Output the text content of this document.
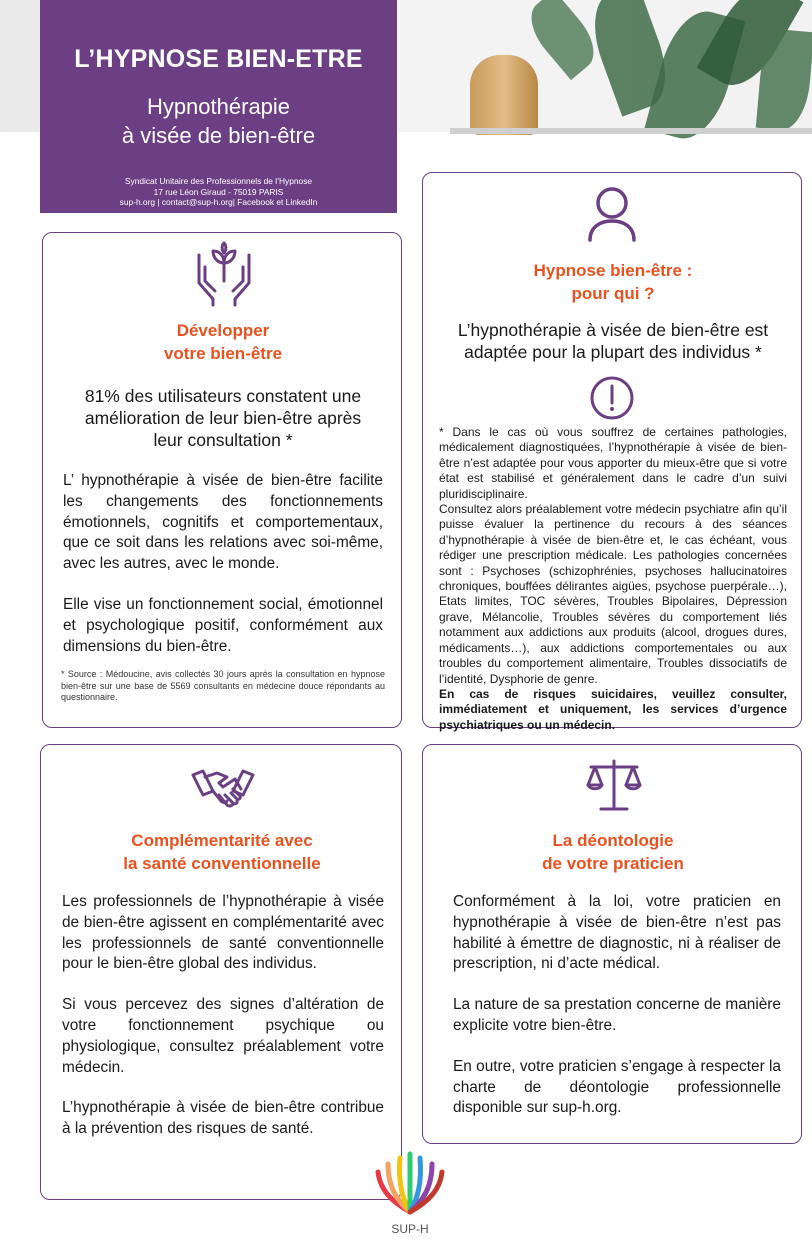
L’HYPNOSE BIEN-ETRE
Hypnothérapie
à visée de bien-être
Syndicat Unitaire des Professionnels de l’Hypnose
17 rue Léon Giraud - 75019 PARIS
sup-h.org | contact@sup-h.org| Facebook et LinkedIn
Développer
votre bien-être
81% des utilisateurs constatent une
amélioration de leur bien-être après
leur consultation *

L’ hypnothérapie à visée de bien-être facilite les changements des fonctionnements émotionnels, cognitifs et comportementaux, que ce soit dans les relations avec soi-même, avec les autres, avec le monde.

Elle vise un fonctionnement social, émotionnel et psychologique positif, conformément aux dimensions du bien-être.

* Source : Médoucine, avis collectés 30 jours après la consultation en hypnose bien-être sur une base de 5569 consultants en médecine douce répondants au questionnaire.
Hypnose bien-être :
pour qui ?
L’hypnothérapie à visée de bien-être est
adaptée pour la plupart des individus *

* Dans le cas où vous souffrez de certaines pathologies, médicalement diagnostiquées, l’hypnothérapie à visée de bien-être n’est adaptée pour vous apporter du mieux-être que si votre état est stabilisé et généralement dans le cadre d’un suivi pluridisciplinaire.

Consultez alors préalablement votre médecin psychiatre afin qu’il puisse évaluer la pertinence du recours à des séances d’hypnothérapie à visée de bien-être et, le cas échéant, vous rédiger une prescription médicale. Les pathologies concernées sont : Psychoses (schizophrénies, psychoses hallucinatoires chroniques, bouffées délirantes aigües, psychose puerpérale…), Etats limites, TOC sévères, Troubles Bipolaires, Dépression grave, Mélancolie, Troubles sévères du comportement liés notamment aux addictions aux produits (alcool, drogues dures, médicaments…), aux addictions comportementales ou aux troubles du comportement alimentaire, Troubles dissociatifs de l’identité, Dysphorie de genre.

En cas de risques suicidaires, veuillez consulter, immédiatement et uniquement, les services d’urgence psychiatriques ou un médecin.

Complémentarité avec
la santé conventionnelle

Les professionnels de l’hypnothérapie à visée de bien-être agissent en complémentarité avec les professionnels de santé conventionnelle pour le bien-être global des individus.

Si vous percevez des signes d’altération de votre fonctionnement psychique ou physiologique, consultez préalablement votre médecin.

L’hypnothérapie à visée de bien-être contribue à la prévention des risques de santé.

La déontologie
de votre praticien

Conformément à la loi, votre praticien en hypnothérapie à visée de bien-être n’est pas habilité à émettre de diagnostic, ni à réaliser de prescription, ni d’acte médical.

La nature de sa prestation concerne de manière explicite votre bien-être.

En outre, votre praticien s’engage à respecter la charte de déontologie professionnelle disponible sur sup-h.org.

SUP-H
